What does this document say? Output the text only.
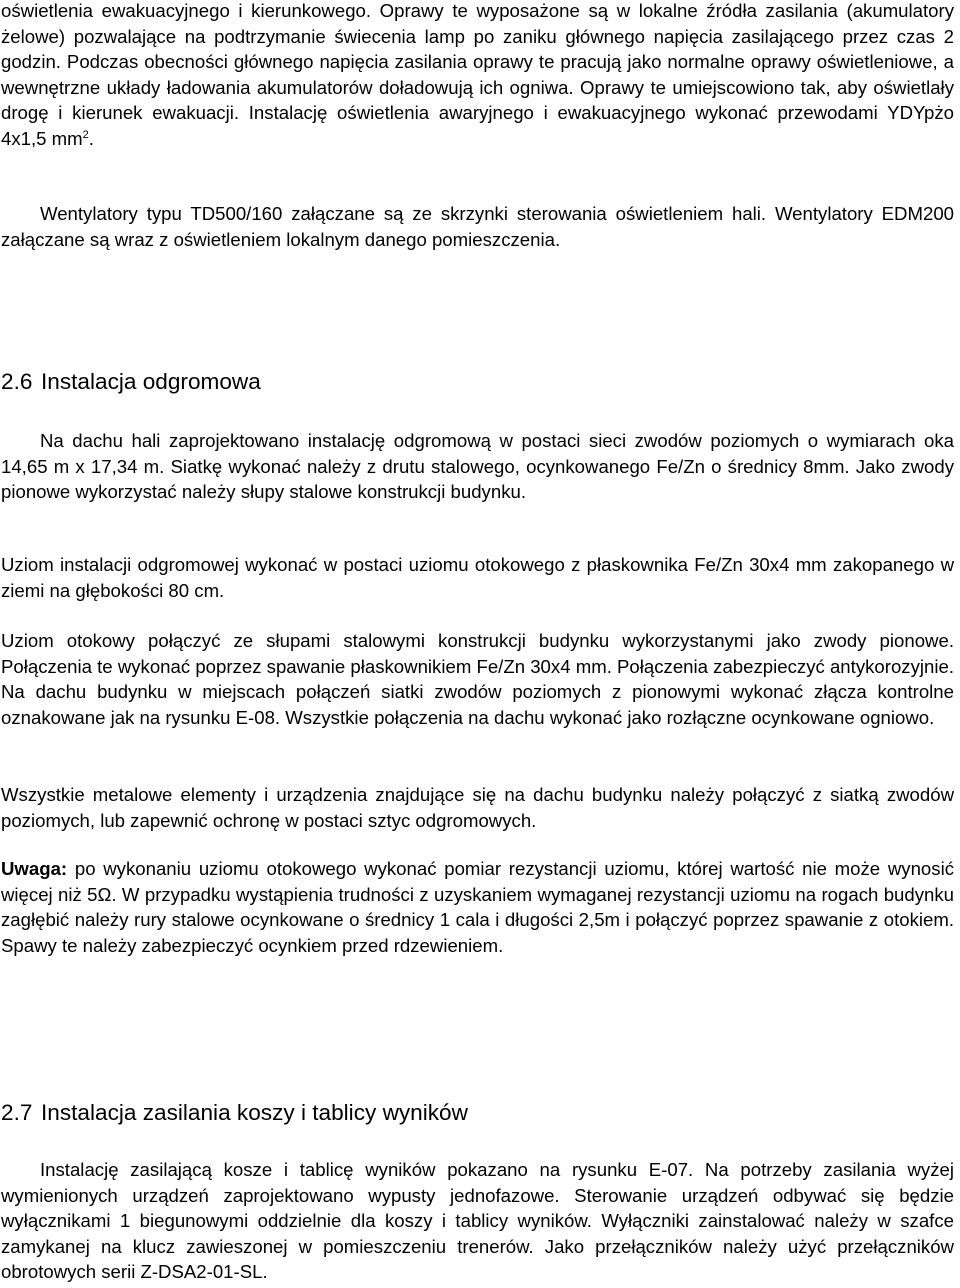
oświetlenia ewakuacyjnego i kierunkowego. Oprawy te wyposażone są w lokalne źródła zasilania (akumulatory żelowe) pozwalające na podtrzymanie świecenia lamp po zaniku głównego napięcia zasilającego przez czas 2 godzin. Podczas obecności głównego napięcia zasilania oprawy te pracują jako normalne oprawy oświetleniowe, a wewnętrzne układy ładowania akumulatorów doładowują ich ogniwa. Oprawy te umiejscowiono tak, aby oświetlały drogę i kierunek ewakuacji. Instalację oświetlenia awaryjnego i ewakuacyjnego wykonać przewodami YDYpżo 4x1,5 $mm^2$.

Wentylatory typu TD500/160 załączane są ze skrzynki sterowania oświetleniem hali. Wentylatory EDM200 załączane są wraz z oświetleniem lokalnym danego pomieszczenia.

2.6 Instalacja odgromowa

Na dachu hali zaprojektowano instalację odgromową w postaci sieci zwodów poziomych o wymiarach oka 14,65 m x 17,34 m. Siatkę wykonać należy z drutu stalowego, ocynkowanego Fe/Zn o średnicy 8mm. Jako zwody pionowe wykorzystać należy słupy stalowe konstrukcji budynku.

Uziom instalacji odgromowej wykonać w postaci uziomu otokowego z płaskownika Fe/Zn 30x4 mm zakopanego w ziemi na głębokości 80 cm.

Uziom otokowy połączyć ze słupami stalowymi konstrukcji budynku wykorzystanymi jako zwody pionowe. Połączenia te wykonać poprzez spawanie płaskownikiem Fe/Zn 30x4 mm. Połączenia zabezpieczyć antykorozyjnie. Na dachu budynku w miejscach połączeń siatki zwodów poziomych z pionowymi wykonać złącza kontrolne oznakowane jak na rysunku E-08. Wszystkie połączenia na dachu wykonać jako rozłączne ocynkowane ogniowo.

Wszystkie metalowe elementy i urządzenia znajdujące się na dachu budynku należy połączyć z siatką zwodów poziomych, lub zapewnić ochronę w postaci sztyc odgromowych.

Uwaga: po wykonaniu uziomu otokowego wykonać pomiar rezystancji uziomu, której wartość nie może wynosić więcej niż 5Ω. W przypadku wystąpienia trudności z uzyskaniem wymaganej rezystancji uziomu na rogach budynku zagłębić należy rury stalowe ocynkowane o średnicy 1 cala i długości 2,5m i połączyć poprzez spawanie z otokiem. Spawy te należy zabezpieczyć ocynkiem przed rdzewieniem.

2.7 Instalacja zasilania koszy i tablicy wyników

Instalację zasilającą kosze i tablicę wyników pokazano na rysunku E-07. Na potrzeby zasilania wyżej wymienionych urządzeń zaprojektowano wypusty jednofazowe. Sterowanie urządzeń odbywać się będzie wyłącznikami 1 biegunowymi oddzielnie dla koszy i tablicy wyników. Wyłączniki zainstalować należy w szafce zamykanej na klucz zawieszonej w pomieszczeniu trenerów. Jako przełączników należy użyć przełączników obrotowych serii Z-DSA2-01-SL.
